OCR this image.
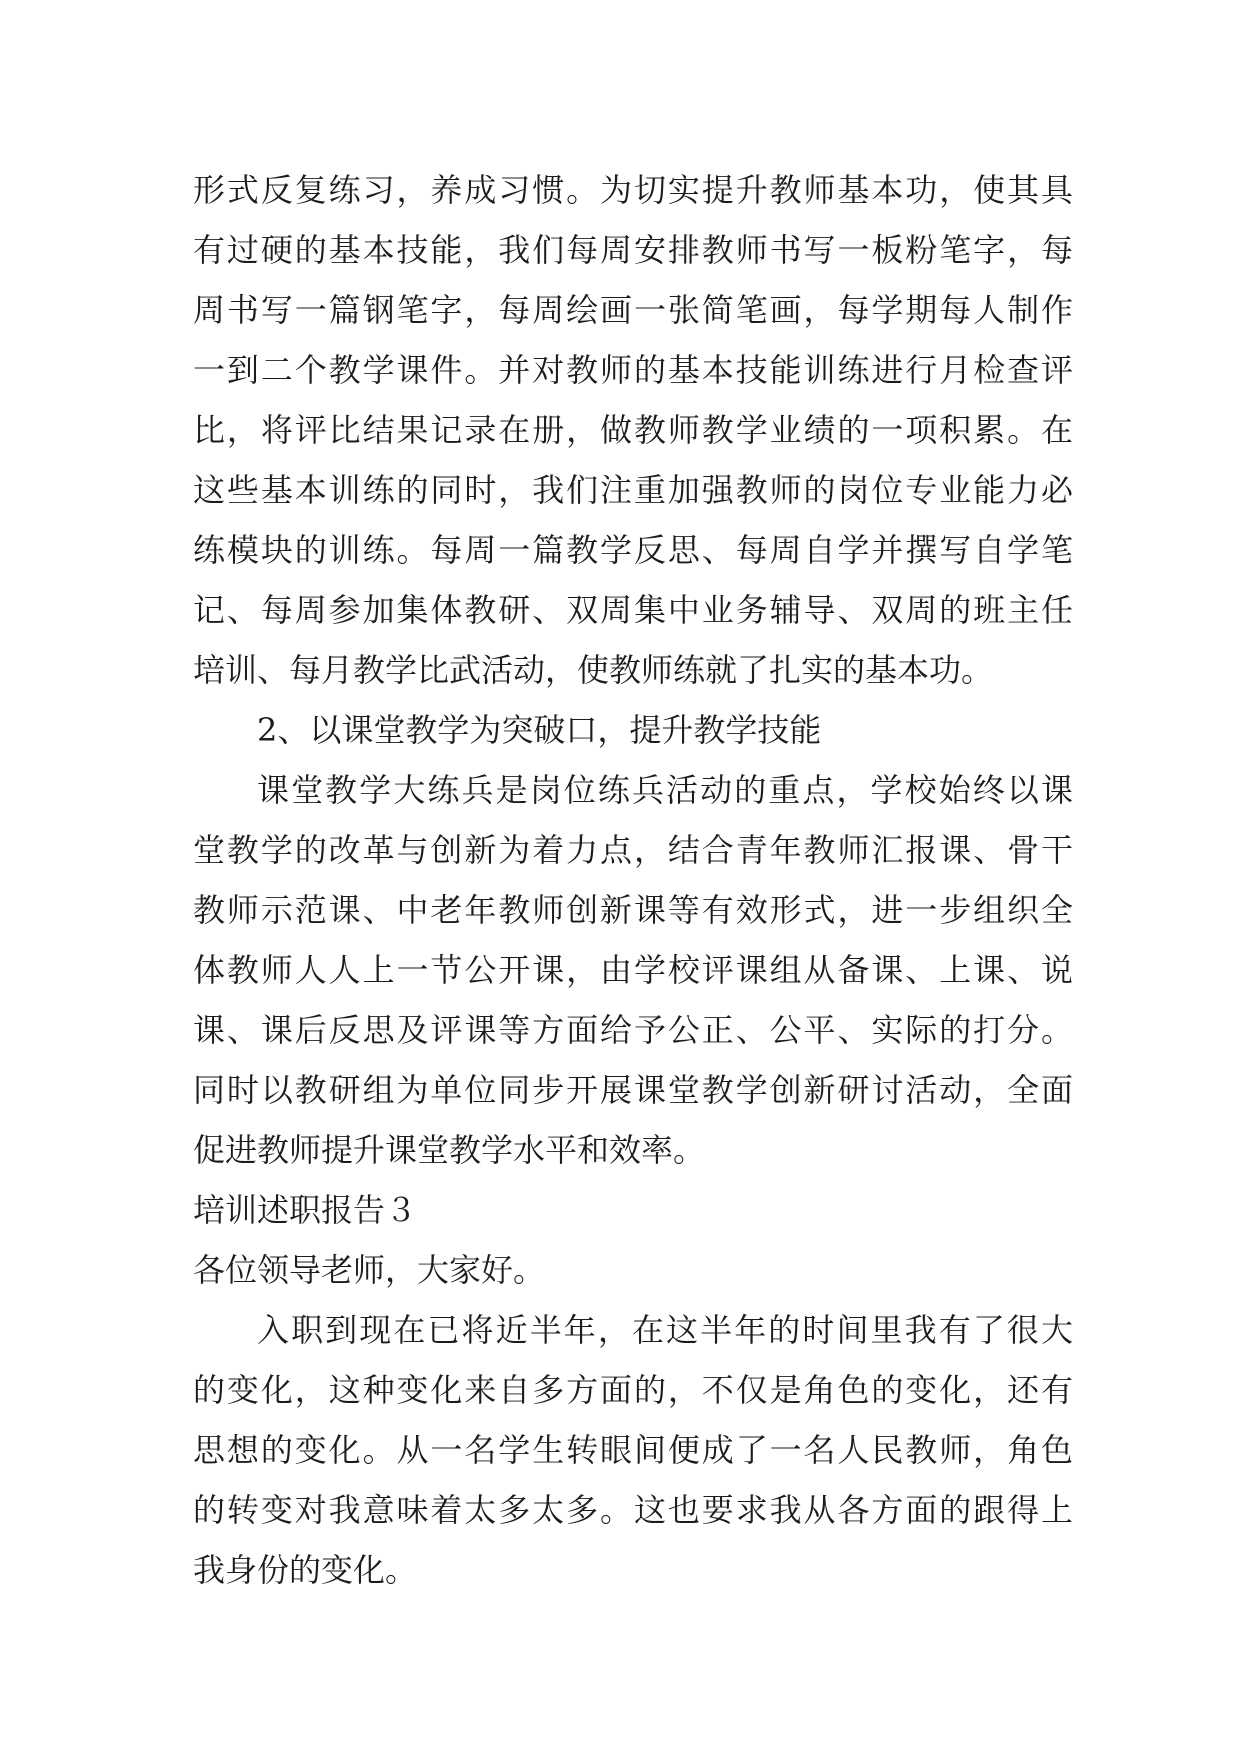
形式反复练习，养成习惯。为切实提升教师基本功，使其具
有过硬的基本技能，我们每周安排教师书写一板粉笔字，每
周书写一篇钢笔字，每周绘画一张简笔画，每学期每人制作
一到二个教学课件。并对教师的基本技能训练进行月检查评
比，将评比结果记录在册，做教师教学业绩的一项积累。在
这些基本训练的同时，我们注重加强教师的岗位专业能力必
练模块的训练。每周一篇教学反思、每周自学并撰写自学笔
记、每周参加集体教研、双周集中业务辅导、双周的班主任
培训、每月教学比武活动，使教师练就了扎实的基本功。
2、以课堂教学为突破口，提升教学技能
课堂教学大练兵是岗位练兵活动的重点，学校始终以课
堂教学的改革与创新为着力点，结合青年教师汇报课、骨干
教师示范课、中老年教师创新课等有效形式，进一步组织全
体教师人人上一节公开课，由学校评课组从备课、上课、说
课、课后反思及评课等方面给予公正、公平、实际的打分。
同时以教研组为单位同步开展课堂教学创新研讨活动，全面
促进教师提升课堂教学水平和效率。
培训述职报告３
各位领导老师，大家好。
入职到现在已将近半年，在这半年的时间里我有了很大
的变化，这种变化来自多方面的，不仅是角色的变化，还有
思想的变化。从一名学生转眼间便成了一名人民教师，角色
的转变对我意味着太多太多。这也要求我从各方面的跟得上
我身份的变化。
